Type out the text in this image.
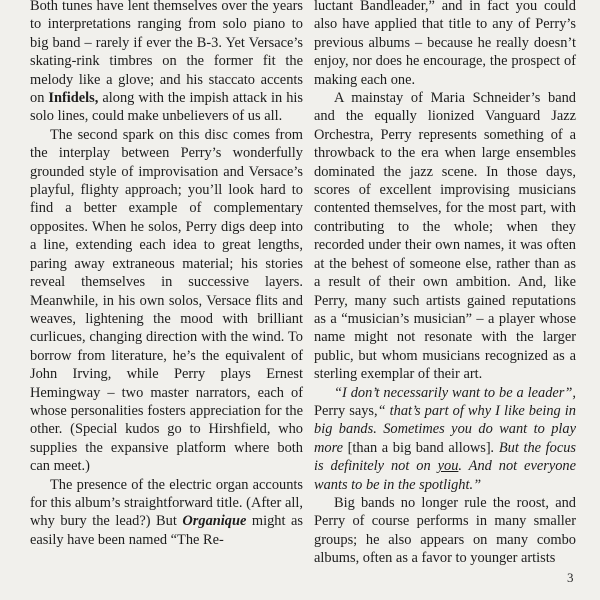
Both tunes have lent themselves over the years to interpretations ranging from solo piano to big band – rarely if ever the B-3. Yet Versace’s skating-rink timbres on the former fit the melody like a glove; and his staccato accents on Infidels, along with the impish attack in his solo lines, could make unbelievers of us all.

The second spark on this disc comes from the interplay between Perry’s wonderfully grounded style of improvisation and Versace’s playful, flighty approach; you’ll look hard to find a better example of complementary opposites. When he solos, Perry digs deep into a line, extending each idea to great lengths, paring away extraneous material; his stories reveal themselves in successive layers. Meanwhile, in his own solos, Versace flits and weaves, lightening the mood with brilliant curlicues, changing direction with the wind. To borrow from literature, he’s the equivalent of John Irving, while Perry plays Ernest Hemingway – two master narrators, each of whose personalities fosters appreciation for the other. (Special kudos go to Hirshfield, who supplies the expansive platform where both can meet.)

The presence of the electric organ accounts for this album’s straightforward title. (After all, why bury the lead?) But Organique might as easily have been named “The Re-

luctant Bandleader,” and in fact you could also have applied that title to any of Perry’s previous albums – because he really doesn’t enjoy, nor does he encourage, the prospect of making each one.

A mainstay of Maria Schneider’s band and the equally lionized Vanguard Jazz Orchestra, Perry represents something of a throwback to the era when large ensembles dominated the jazz scene. In those days, scores of excellent improvising musicians contented themselves, for the most part, with contributing to the whole; when they recorded under their own names, it was often at the behest of someone else, rather than as a result of their own ambition. And, like Perry, many such artists gained reputations as a “musician’s musician” – a player whose name might not resonate with the larger public, but whom musicians recognized as a sterling exemplar of their art.

“I don’t necessarily want to be a leader”, Perry says,“ that’s part of why I like being in big bands. Sometimes you do want to play more [than a big band allows]. But the focus is definitely not on you. And not everyone wants to be in the spotlight.”

Big bands no longer rule the roost, and Perry of course performs in many smaller groups; he also appears on many combo albums, often as a favor to younger artists

3
